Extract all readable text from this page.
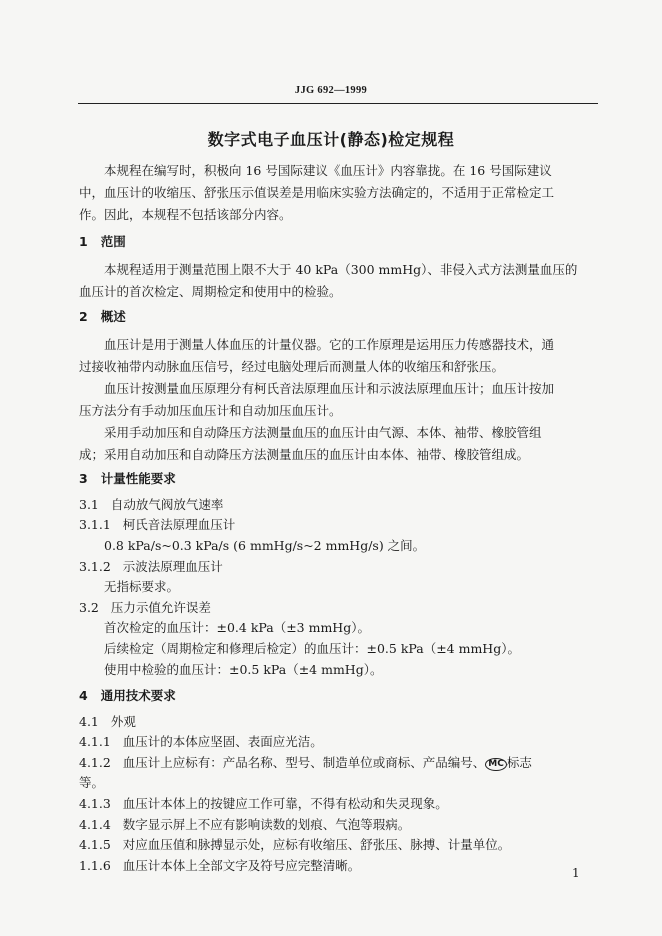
JJG 692—1999
数字式电子血压计(静态)检定规程
本规程在编写时，积极向 16 号国际建议《血压计》内容靠拢。在 16 号国际建议
中，血压计的收缩压、舒张压示值误差是用临床实验方法确定的，不适用于正常检定工
作。因此，本规程不包括该部分内容。
1 范围
本规程适用于测量范围上限不大于 40 kPa（300 mmHg）、非侵入式方法测量血压的
血压计的首次检定、周期检定和使用中的检验。
2 概述
血压计是用于测量人体血压的计量仪器。它的工作原理是运用压力传感器技术，通
过接收袖带内动脉血压信号，经过电脑处理后而测量人体的收缩压和舒张压。
血压计按测量血压原理分有柯氏音法原理血压计和示波法原理血压计；血压计按加
压方法分有手动加压血压计和自动加压血压计。
采用手动加压和自动降压方法测量血压的血压计由气源、本体、袖带、橡胶管组
成；采用自动加压和自动降压方法测量血压的血压计由本体、袖带、橡胶管组成。
3 计量性能要求
3.1 自动放气阀放气速率
3.1.1 柯氏音法原理血压计
0.8 kPa/s~0.3 kPa/s (6 mmHg/s~2 mmHg/s) 之间。
3.1.2 示波法原理血压计
无指标要求。
3.2 压力示值允许误差
首次检定的血压计：±0.4 kPa（±3 mmHg）。
后续检定（周期检定和修理后检定）的血压计：±0.5 kPa（±4 mmHg）。
使用中检验的血压计：±0.5 kPa（±4 mmHg）。
4 通用技术要求
4.1 外观
4.1.1 血压计的本体应坚固、表面应光洁。
4.1.2 血压计上应标有：产品名称、型号、制造单位或商标、产品编号、 MC 标志
等。
4.1.3 血压计本体上的按键应工作可靠，不得有松动和失灵现象。
4.1.4 数字显示屏上不应有影响读数的划痕、气泡等瑕病。
4.1.5 对应血压值和脉搏显示处，应标有收缩压、舒张压、脉搏、计量单位。
1.1.6 血压计本体上全部文字及符号应完整清晰。	1
